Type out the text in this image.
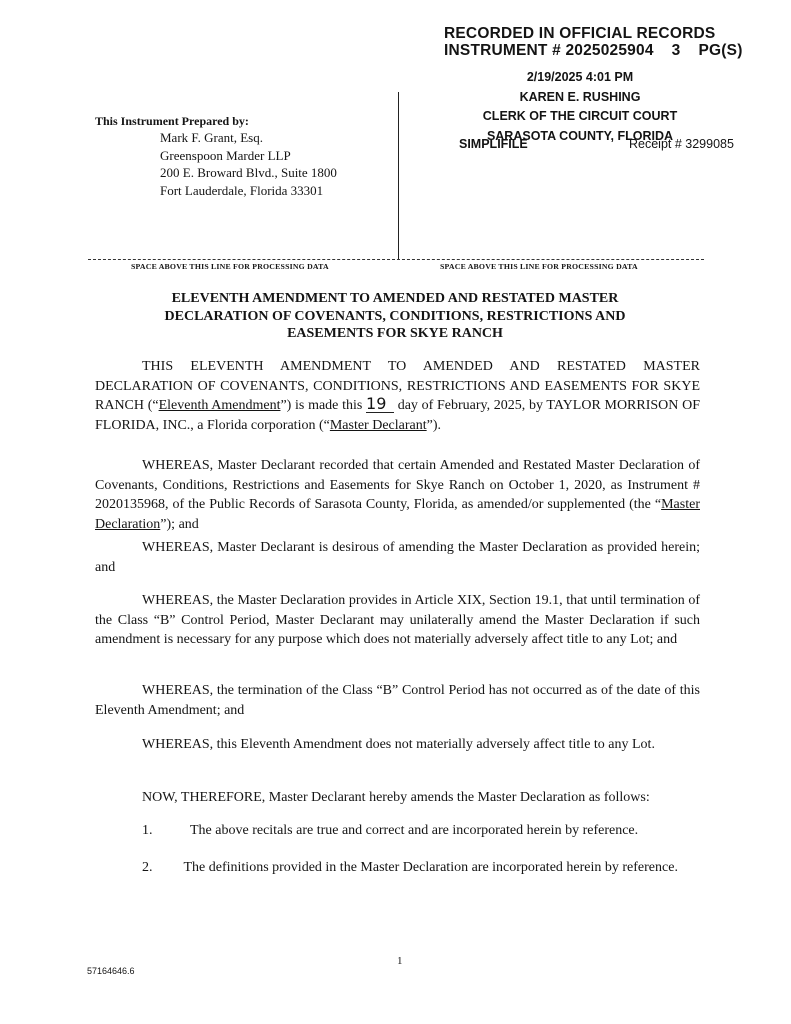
RECORDED IN OFFICIAL RECORDS
INSTRUMENT # 2025025904    3    PG(S)
2/19/2025 4:01 PM
KAREN E. RUSHING
CLERK OF THE CIRCUIT COURT
SARASOTA COUNTY, FLORIDA
SIMPLIFILE	Receipt # 3299085
This Instrument Prepared by:
Mark F. Grant, Esq.
Greenspoon Marder LLP
200 E. Broward Blvd., Suite 1800
Fort Lauderdale, Florida 33301
SPACE ABOVE THIS LINE FOR PROCESSING DATA	SPACE ABOVE THIS LINE FOR PROCESSING DATA
ELEVENTH AMENDMENT TO AMENDED AND RESTATED MASTER
DECLARATION OF COVENANTS, CONDITIONS, RESTRICTIONS AND
EASEMENTS FOR SKYE RANCH
THIS ELEVENTH AMENDMENT TO AMENDED AND RESTATED MASTER DECLARATION OF COVENANTS, CONDITIONS, RESTRICTIONS AND EASEMENTS FOR SKYE RANCH (“Eleventh Amendment”) is made this 19 day of February, 2025, by TAYLOR MORRISON OF FLORIDA, INC., a Florida corporation (“Master Declarant”).
WHEREAS, Master Declarant recorded that certain Amended and Restated Master Declaration of Covenants, Conditions, Restrictions and Easements for Skye Ranch on October 1, 2020, as Instrument # 2020135968, of the Public Records of Sarasota County, Florida, as amended/or supplemented (the “Master Declaration”); and
WHEREAS, Master Declarant is desirous of amending the Master Declaration as provided herein; and
WHEREAS, the Master Declaration provides in Article XIX, Section 19.1, that until termination of the Class “B” Control Period, Master Declarant may unilaterally amend the Master Declaration if such amendment is necessary for any purpose which does not materially adversely affect title to any Lot; and
WHEREAS, the termination of the Class “B” Control Period has not occurred as of the date of this Eleventh Amendment; and
WHEREAS, this Eleventh Amendment does not materially adversely affect title to any Lot.
NOW, THEREFORE, Master Declarant hereby amends the Master Declaration as follows:
1.	The above recitals are true and correct and are incorporated herein by reference.
2. The definitions provided in the Master Declaration are incorporated herein by reference.
1
57164646.6
